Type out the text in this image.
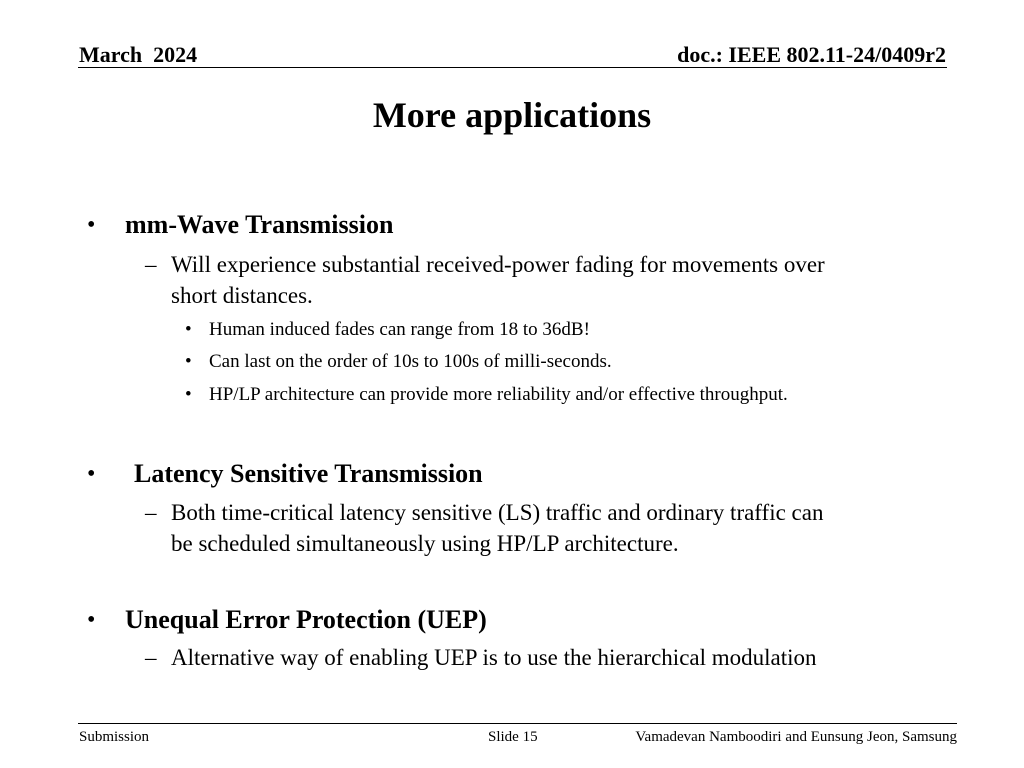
March  2024	doc.: IEEE 802.11-24/0409r2
More applications
• mm-Wave Transmission
– Will experience substantial received-power fading for movements over
short distances.
• Human induced fades can range from 18 to 36dB!
• Can last on the order of 10s to 100s of milli-seconds.
• HP/LP architecture can provide more reliability and/or effective throughput.
• Latency Sensitive Transmission
– Both time-critical latency sensitive (LS) traffic and ordinary traffic can
be scheduled simultaneously using HP/LP architecture.
• Unequal Error Protection (UEP)
– Alternative way of enabling UEP is to use the hierarchical modulation
Submission	Slide 15	Vamadevan Namboodiri and Eunsung Jeon, Samsung
